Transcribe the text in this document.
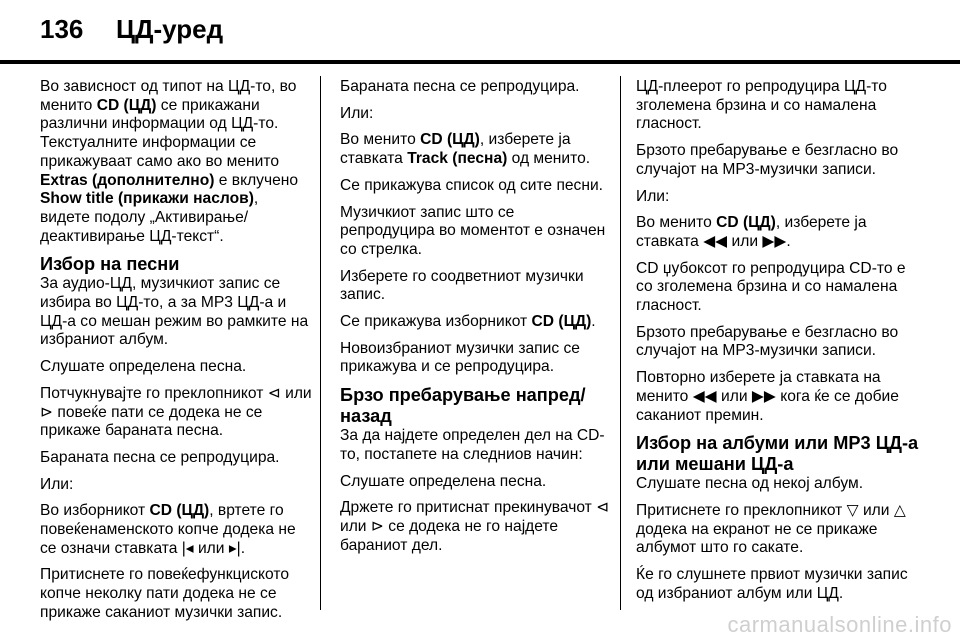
136 ЦД-уред

Во зависност од типот на ЦД-то, во менито CD (ЦД) се прикажани различни информации од ЦД-то. Текстуалните информации се прикажуваат само ако во менито Extras (дополнително) е вклучено Show title (прикажи наслов), видете подолу „Активирање/ деактивирање ЦД-текст“.

Избор на песни

За аудио-ЦД, музичкиот запис се избира во ЦД-то, а за MP3 ЦД-а и ЦД-а со мешан режим во рамките на избраниот албум.

Слушате определена песна.

Потчукнувајте го преклопникот ⊲ или ⊳ повеќе пати се додека не се прикаже бараната песна.

Бараната песна се репродуцира.

Или:

Во изборникот CD (ЦД), вртете го повеќенаменското копче додека не се означи ставката |◂ или ▸|.

Притиснете го повеќефункциското копче неколку пати додека не се прикаже саканиот музички запис.

Бараната песна се репродуцира.

Или:

Во менито CD (ЦД), изберете ја ставката Track (песна) од менито.

Се прикажува список од сите песни.

Музичкиот запис што се репродуцира во моментот е означен со стрелка.

Изберете го соодветниот музички запис.

Се прикажува изборникот CD (ЦД).

Новоизбраниот музички запис се прикажува и се репродуцира.

Брзо пребарување напред/ назад

За да најдете определен дел на CD-то, постапете на следниов начин:

Слушате определена песна.

Држете го притиснат прекинувачот ⊲ или ⊳ се додека не го најдете бараниот дел.

ЦД-плеерот го репродуцира ЦД-то зголемена брзина и со намалена гласност.

Брзото пребарување е безгласно во случајот на MP3-музички записи.

Или:

Во менито CD (ЦД), изберете ја ставката ◀◀ или ▶▶.

CD џубоксот го репродуцира CD-то е со зголемена брзина и со намалена гласност.

Брзото пребарување е безгласно во случајот на MP3-музички записи.

Повторно изберете ја ставката на менито ◀◀ или ▶▶ кога ќе се добие саканиот премин.

Избор на албуми или MP3 ЦД-а или мешани ЦД-а

Слушате песна од некој албум.

Притиснете го преклопникот ▽ или △ додека на екранот не се прикаже албумот што го сакате.

Ќе го слушнете првиот музички запис од избраниот албум или ЦД.

carmanualsonline.info
